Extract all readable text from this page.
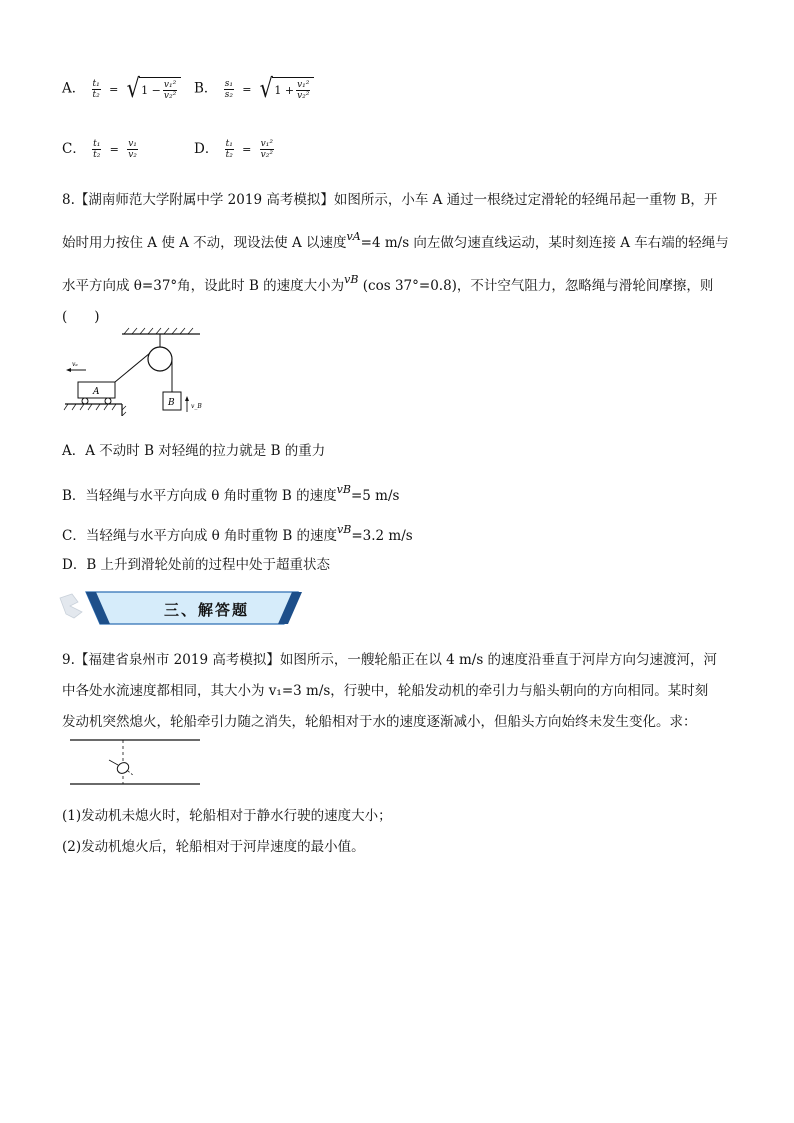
A． $\frac{\text{t₁}}{\text{t₂}}$ = √ $1 - \frac{\text{v₁²}}{\text{v₂²}}$ B． $\frac{\text{s₁}}{\text{s₂}}$ = √ $1 + \frac{\text{v₁²}}{\text{v₂²}}$
C． $\frac{\text{t₁}}{\text{t₂}} = \frac{\text{v₁}}{\text{v₂}}$	D． $\frac{\text{t₁}}{\text{t₂}} = \frac{\text{v₁²}}{\text{v₂²}}$
8.【湖南师范大学附属中学 2019 高考模拟】如图所示，小车 A 通过一根绕过定滑轮的轻绳吊起一重物 B，开
始时用力按住 A 使 A 不动，现设法使 A 以速度$^{vA}$=4 m/s 向左做匀速直线运动，某时刻连接 A 车右端的轻绳与
水平方向成 θ=37°角，设此时 B 的速度大小为$^{vB}$ (cos 37°=0.8)，不计空气阻力，忽略绳与滑轮间摩擦，则
(　　)
A
vₐ
B	v_B
A．A 不动时 B 对轻绳的拉力就是 B 的重力
B．当轻绳与水平方向成 θ 角时重物 B 的速度$^{vB}$=5 m/s
C．当轻绳与水平方向成 θ 角时重物 B 的速度$^{vB}$=3.2 m/s
D．B 上升到滑轮处前的过程中处于超重状态
三、解答题
9.【福建省泉州市 2019 高考模拟】如图所示，一艘轮船正在以 4 m/s 的速度沿垂直于河岸方向匀速渡河，河
中各处水流速度都相同，其大小为 v₁=3 m/s，行驶中，轮船发动机的牵引力与船头朝向的方向相同。某时刻
发动机突然熄火，轮船牵引力随之消失，轮船相对于水的速度逐渐减小，但船头方向始终未发生变化。求：
(1)发动机未熄火时，轮船相对于静水行驶的速度大小；
(2)发动机熄火后，轮船相对于河岸速度的最小值。
